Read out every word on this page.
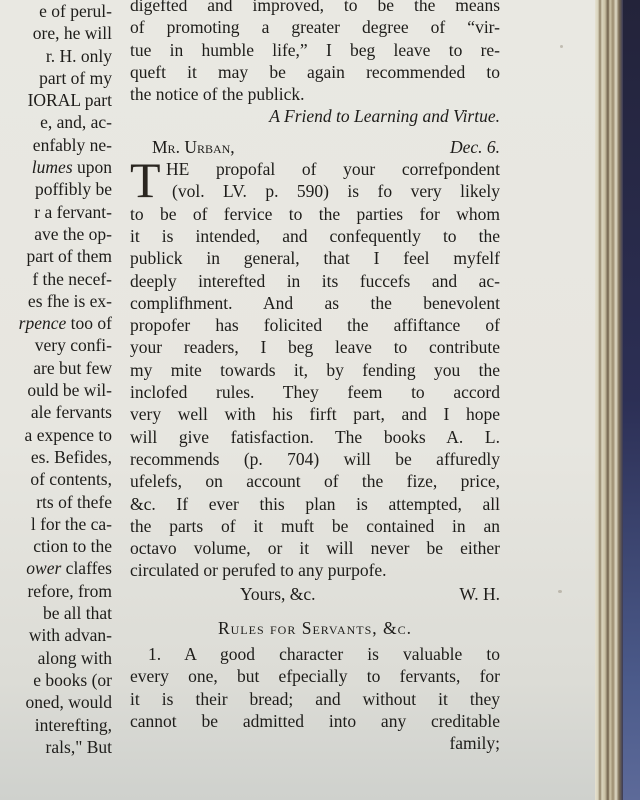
e of perul-
ore, he will
r. H. only
part of my
IORAL part
e, and, ac-
enfably ne-
lumes upon
poffibly be
r a fervant-
ave the op-
part of them
f the necef-
es fhe is ex-
rpence too of
very confi-
are but few
ould be wil-
ale fervants
a expence to
es. Befides,
of contents,
rts of thefe
l for the ca-
ction to the
ower claffes
refore, from
be all that
with advan-
along with
e books (or
oned, would
interefting,
rals," But
digefted and improved, to be the means
of promoting a greater degree of “vir-
tue in humble life,” I beg leave to re-
queft it may be again recommended to
the notice of the publick.
A Friend to Learning and Virtue.
Mr. Urban,	Dec. 6.
T HE propofal of your correfpondent
(vol. LV. p. 590) is fo very likely
to be of fervice to the parties for whom
it is intended, and confequently to the
publick in general, that I feel myfelf
deeply interefted in its fuccefs and ac-
complifhment. And as the benevolent
propofer has folicited the affiftance of
your readers, I beg leave to contribute
my mite towards it, by fending you the
inclofed rules. They feem to accord
very well with his firft part, and I hope
will give fatisfaction. The books A. L.
recommends (p. 704) will be affuredly
ufelefs, on account of the fize, price,
&c. If ever this plan is attempted, all
the parts of it muft be contained in an
octavo volume, or it will never be either
circulated or perufed to any purpofe.
Yours, &c.	W. H.
Rules for Servants, &c.
1. A good character is valuable to
every one, but efpecially to fervants, for
it is their bread; and without it they
cannot be admitted into any creditable
family;
